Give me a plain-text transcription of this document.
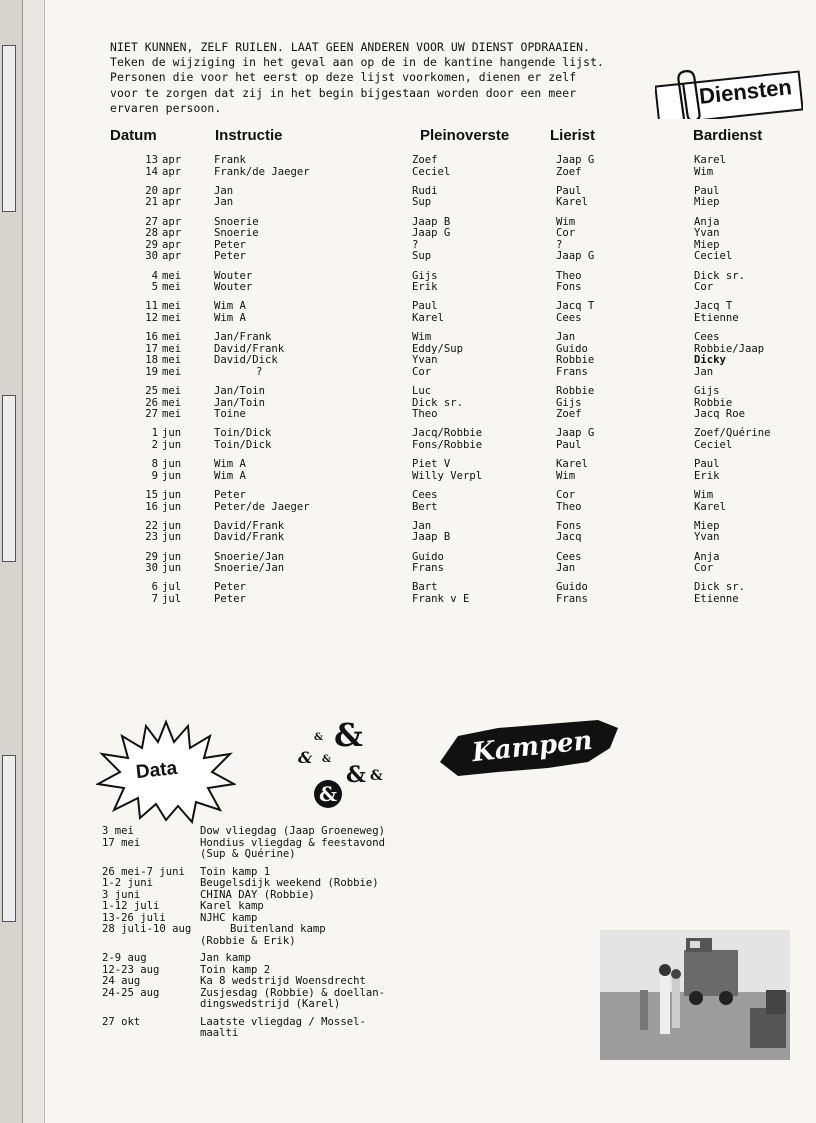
NIET KUNNEN, ZELF RUILEN. LAAT GEEN ANDEREN VOOR UW DIENST OPDRAAIEN.
Teken de wijziging in het geval aan op de in de kantine hangende lijst.
Personen die voor het eerst op deze lijst voorkomen, dienen er zelf
voor te zorgen dat zij in het begin bijgestaan worden door een meer
ervaren persoon.	Diensten
Datum	Instructie	Pleinoverste	Lierist	Bardienst
13 apr	Frank	Zoef	Jaap G	Karel
14 apr	Frank/de Jaeger	Ceciel	Zoef	Wim
20 apr	Jan	Rudi	Paul	Paul
21 apr	Jan	Sup	Karel	Miep
27 apr	Snoerie	Jaap B	Wim	Anja
28 apr	Snoerie	Jaap G	Cor	Yvan
29 apr	Peter	?	?	Miep
30 apr	Peter	Sup	Jaap G	Ceciel
4 mei	Wouter	Gijs	Theo	Dick sr.
5 mei	Wouter	Erik	Fons	Cor
11 mei	Wim A	Paul	Jacq T	Jacq T
12 mei	Wim A	Karel	Cees	Etienne
16 mei	Jan/Frank	Wim	Jan	Cees
17 mei	David/Frank	Eddy/Sup	Guido	Robbie/Jaap
18 mei	David/Dick	Yvan	Robbie	Dicky
19 mei	?	Cor	Frans	Jan
25 mei	Jan/Toin	Luc	Robbie	Gijs
26 mei	Jan/Toin	Dick sr.	Gijs	Robbie
27 mei	Toine	Theo	Zoef	Jacq Roe
1 jun	Toin/Dick	Jacq/Robbie	Jaap G	Zoef/Quérine
2 jun	Toin/Dick	Fons/Robbie	Paul	Ceciel
8 jun	Wim A	Piet V	Karel	Paul
9 jun	Wim A	Willy Verpl	Wim	Erik
15 jun	Peter	Cees	Cor	Wim
16 jun	Peter/de Jaeger	Bert	Theo	Karel
22 jun	David/Frank	Jan	Fons	Miep
23 jun	David/Frank	Jaap B	Jacq	Yvan
29 jun	Snoerie/Jan	Guido	Cees	Anja
30 jun	Snoerie/Jan	Frans	Jan	Cor
6 jul	Peter	Bart	Guido	Dick sr.
7 jul	Peter	Frank v E	Frans	Etienne
Data
& &
& &
& &
&
Kampen
3 mei	Dow vliegdag (Jaap Groeneweg)
17 mei	Hondius vliegdag & feestavond
(Sup & Quérine)
26 mei-7 juni Toin kamp 1
1-2 juni	Beugelsdijk weekend (Robbie)
3 juni	CHINA DAY (Robbie)
1-12 juli	Karel kamp
13-26 juli	NJHC kamp
28 juli-10 aug	Buitenland kamp
(Robbie & Erik)
2-9 aug	Jan kamp
12-23 aug	Toin kamp 2
24 aug	Ka 8 wedstrijd Woensdrecht
24-25 aug	Zusjesdag (Robbie) & doellan-
dingswedstrijd (Karel)
27 okt	Laatste vliegdag / Mossel-
maalti
